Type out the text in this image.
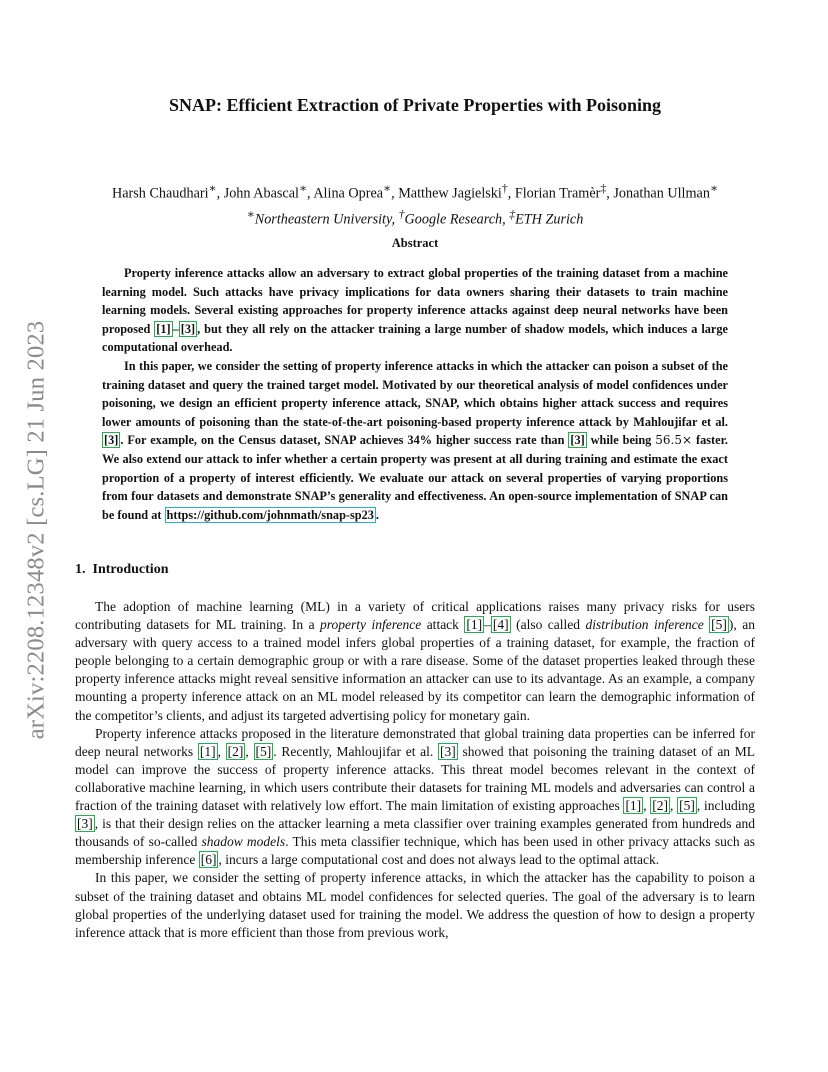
arXiv:2208.12348v2 [cs.LG] 21 Jun 2023
SNAP: Efficient Extraction of Private Properties with Poisoning
Harsh Chaudhari∗, John Abascal∗, Alina Oprea∗, Matthew Jagielski†, Florian Tramèr‡, Jonathan Ullman∗
∗Northeastern University, †Google Research, ‡ETH Zurich
Abstract

Property inference attacks allow an adversary to extract global properties of the training dataset from a machine learning model. Such attacks have privacy implications for data owners sharing their datasets to train machine learning models. Several existing approaches for property inference attacks against deep neural networks have been proposed [1] – [3] , but they all rely on the attacker training a large number of shadow models, which induces a large computational overhead.

In this paper, we consider the setting of property inference attacks in which the attacker can poison a subset of the training dataset and query the trained target model. Motivated by our theoretical analysis of model confidences under poisoning, we design an efficient property inference attack, SNAP, which obtains higher attack success and requires lower amounts of poisoning than the state-of-the-art poisoning-based property inference attack by Mahloujifar et al. [3] . For example, on the Census dataset, SNAP achieves 34% higher success rate than [3] while being 56.5× faster. We also extend our attack to infer whether a certain property was present at all during training and estimate the exact proportion of a property of interest efficiently. We evaluate our attack on several properties of varying proportions from four datasets and demonstrate SNAP’s generality and effectiveness. An open-source implementation of SNAP can be found at https://github.com/johnmath/snap-sp23 .

1. Introduction

The adoption of machine learning (ML) in a variety of critical applications raises many privacy risks for users contributing datasets for ML training. In a property inference attack [1] – [4] (also called distribution inference [5] ), an adversary with query access to a trained model infers global properties of a training dataset, for example, the fraction of people belonging to a certain demographic group or with a rare disease. Some of the dataset properties leaked through these property inference attacks might reveal sensitive information an attacker can use to its advantage. As an example, a company mounting a property inference attack on an ML model released by its competitor can learn the demographic information of the competitor’s clients, and adjust its targeted advertising policy for monetary gain.

Property inference attacks proposed in the literature demonstrated that global training data properties can be inferred for deep neural networks [1] , [2] , [5] . Recently, Mahloujifar et al. [3] showed that poisoning the training dataset of an ML model can improve the success of property inference attacks. This threat model becomes relevant in the context of collaborative machine learning, in which users contribute their datasets for training ML models and adversaries can control a fraction of the training dataset with relatively low effort. The main limitation of existing approaches [1] , [2] , [5] , including [3] , is that their design relies on the attacker learning a meta classifier over training examples generated from hundreds and thousands of so-called shadow models. This meta classifier technique, which has been used in other privacy attacks such as membership inference [6] , incurs a large computational cost and does not always lead to the optimal attack.

In this paper, we consider the setting of property inference attacks, in which the attacker has the capability to poison a subset of the training dataset and obtains ML model confidences for selected queries. The goal of the adversary is to learn global properties of the underlying dataset used for training the model. We address the question of how to design a property inference attack that is more efficient than those from previous work,
